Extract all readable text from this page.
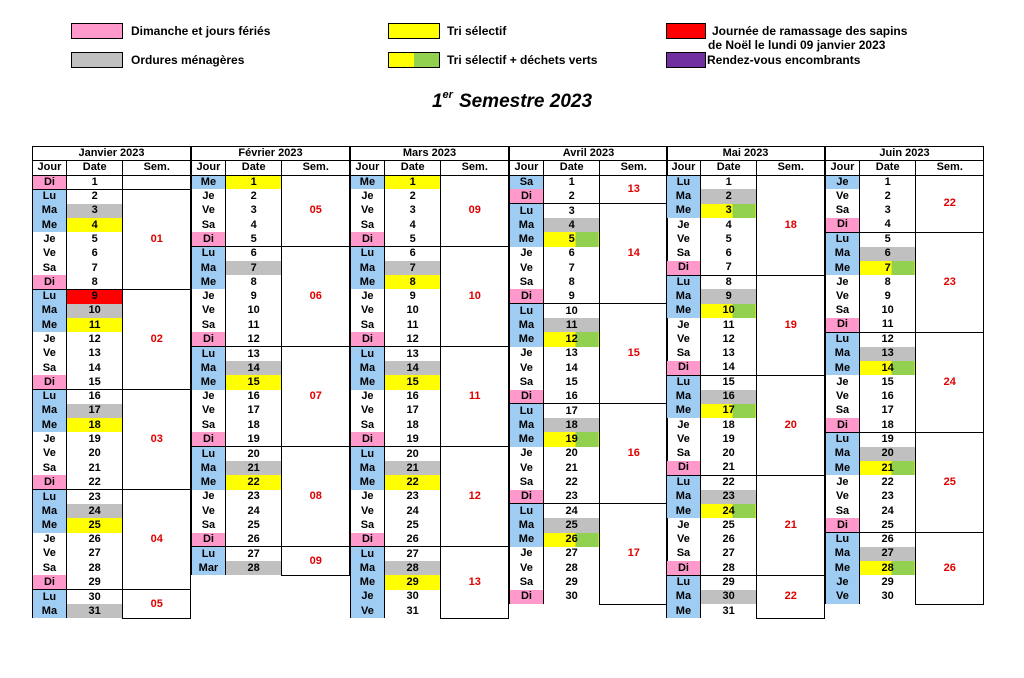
Dimanche et jours fériés
Ordures ménagères
Tri sélectif
Tri sélectif + déchets verts
Journée de ramassage des sapins
de Noël le lundi 09 janvier 2023
Rendez-vous encombrants
1er Semestre 2023
Janvier 2023		
Jour	Date	Sem.
Di	1	
Lu	2	01
Ma	3	
Me	4	
Je	5	
Ve	6	
Sa	7	
Di	8	
Lu	9	02
Ma	10	
Me	11	
Je	12	
Ve	13	
Sa	14	
Di	15	
Lu	16	03
Ma	17	
Me	18	
Je	19	
Ve	20	
Sa	21	
Di	22	
Lu	23	04
Ma	24	
Me	25	
Je	26	
Ve	27	
Sa	28	
Di	29	
Lu	30	05
Ma	31	
Février 2023		
Jour	Date	Sem.
Me	1	05
Je	2	
Ve	3	
Sa	4	
Di	5	
Lu	6	06
Ma	7	
Me	8	
Je	9	
Ve	10	
Sa	11	
Di	12	
Lu	13	07
Ma	14	
Me	15	
Je	16	
Ve	17	
Sa	18	
Di	19	
Lu	20	08
Ma	21	
Me	22	
Je	23	
Ve	24	
Sa	25	
Di	26	
Lu	27	09
Mar	28	
Mars 2023		
Jour	Date	Sem.
Me	1	09
Je	2	
Ve	3	
Sa	4	
Di	5	
Lu	6	10
Ma	7	
Me	8	
Je	9	
Ve	10	
Sa	11	
Di	12	
Lu	13	11
Ma	14	
Me	15	
Je	16	
Ve	17	
Sa	18	
Di	19	
Lu	20	12
Ma	21	
Me	22	
Je	23	
Ve	24	
Sa	25	
Di	26	
Lu	27	13
Ma	28	
Me	29	
Je	30	
Ve	31	
Avril 2023		
Jour	Date	Sem.
Sa	1	13
Di	2	
Lu	3	14
Ma	4	
Me	5	
Je	6	
Ve	7	
Sa	8	
Di	9	
Lu	10	15
Ma	11	
Me	12	
Je	13	
Ve	14	
Sa	15	
Di	16	
Lu	17	16
Ma	18	
Me	19	
Je	20	
Ve	21	
Sa	22	
Di	23	
Lu	24	17
Ma	25	
Me	26	
Je	27	
Ve	28	
Sa	29	
Di	30	
Mai 2023		
Jour	Date	Sem.
Lu	1	18
Ma	2	
Me	3	
Je	4	
Ve	5	
Sa	6	
Di	7	
Lu	8	19
Ma	9	
Me	10	
Je	11	
Ve	12	
Sa	13	
Di	14	
Lu	15	20
Ma	16	
Me	17	
Je	18	
Ve	19	
Sa	20	
Di	21	
Lu	22	21
Ma	23	
Me	24	
Je	25	
Ve	26	
Sa	27	
Di	28	
Lu	29	22
Ma	30	
Me	31	
Juin 2023		
Jour	Date	Sem.
Je	1	22
Ve	2	
Sa	3	
Di	4	
Lu	5	23
Ma	6	
Me	7	
Je	8	
Ve	9	
Sa	10	
Di	11	
Lu	12	24
Ma	13	
Me	14	
Je	15	
Ve	16	
Sa	17	
Di	18	
Lu	19	25
Ma	20	
Me	21	
Je	22	
Ve	23	
Sa	24	
Di	25	
Lu	26	26
Ma	27	
Me	28	
Je	29	
Ve	30	
